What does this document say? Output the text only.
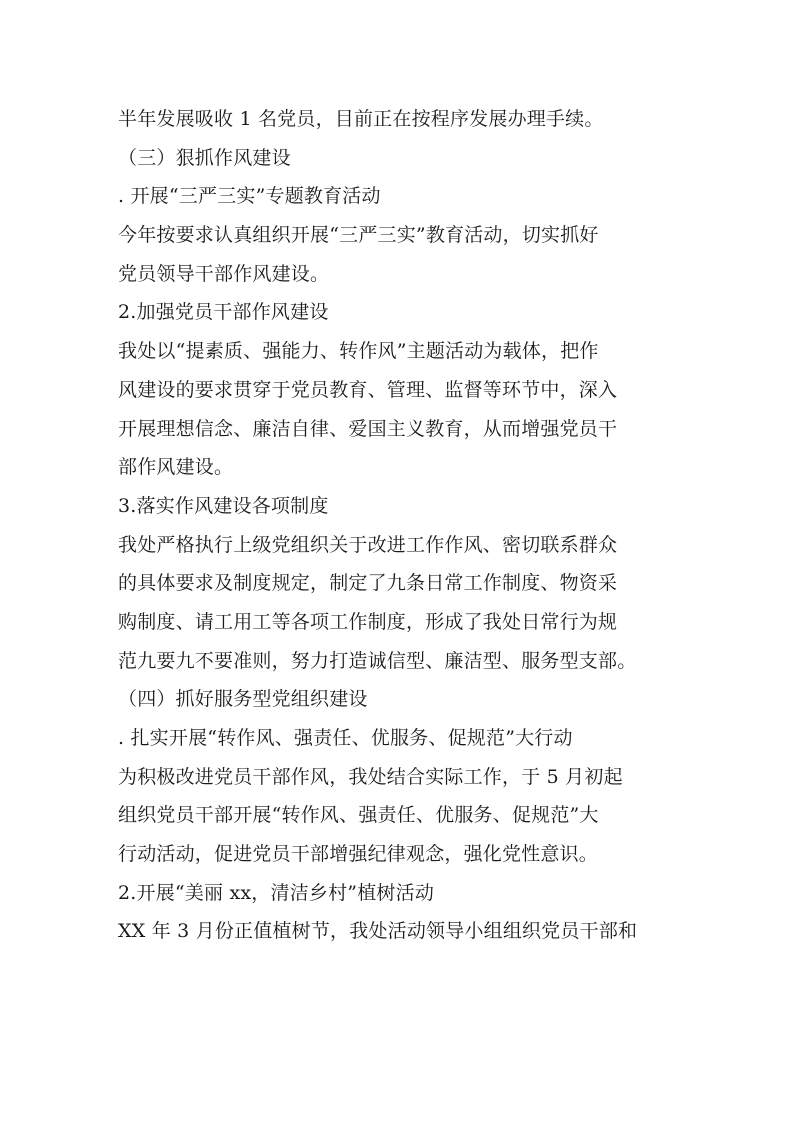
半年发展吸收 1 名党员，目前正在按程序发展办理手续。
（三）狠抓作风建设
. 开展“三严三实”专题教育活动
今年按要求认真组织开展“三严三实”教育活动，切实抓好
党员领导干部作风建设。
2.加强党员干部作风建设
我处以“提素质、强能力、转作风”主题活动为载体，把作
风建设的要求贯穿于党员教育、管理、监督等环节中，深入
开展理想信念、廉洁自律、爱国主义教育，从而增强党员干
部作风建设。
3.落实作风建设各项制度
我处严格执行上级党组织关于改进工作作风、密切联系群众
的具体要求及制度规定，制定了九条日常工作制度、物资采
购制度、请工用工等各项工作制度，形成了我处日常行为规
范九要九不要准则，努力打造诚信型、廉洁型、服务型支部。
（四）抓好服务型党组织建设
. 扎实开展“转作风、强责任、优服务、促规范”大行动
为积极改进党员干部作风，我处结合实际工作，于 5 月初起
组织党员干部开展“转作风、强责任、优服务、促规范”大
行动活动，促进党员干部增强纪律观念，强化党性意识。
2.开展“美丽 xx，清洁乡村”植树活动
XX 年 3 月份正值植树节，我处活动领导小组组织党员干部和
